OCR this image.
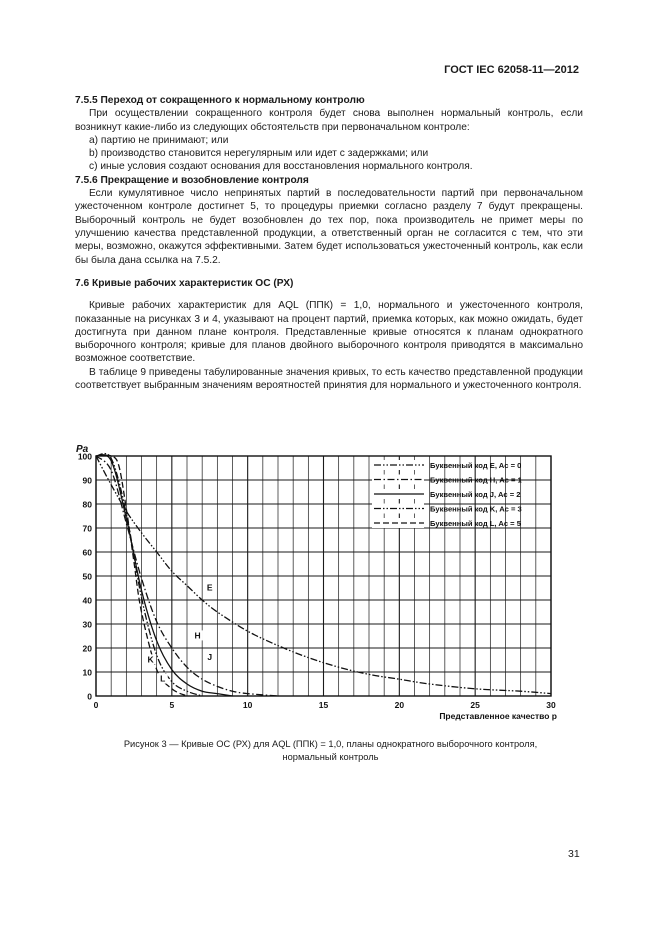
ГОСТ IEC 62058-11—2012

7.5.5 Переход от сокращенного к нормальному контролю

При осуществлении сокращенного контроля будет снова выполнен нормальный контроль, если возникнут какие-либо из следующих обстоятельств при первоначальном контроле:

а) партию не принимают; или

b) производство становится нерегулярным или идет с задержками; или

c) иные условия создают основания для восстановления нормального контроля.

7.5.6 Прекращение и возобновление контроля

Если кумулятивное число непринятых партий в последовательности партий при первоначальном ужесточенном контроле достигнет 5, то процедуры приемки согласно разделу 7 будут прекращены. Выборочный контроль не будет возобновлен до тех пор, пока производитель не примет меры по улучшению качества представленной продукции, а ответственный орган не согласится с тем, что эти меры, возможно, окажутся эффективными. Затем будет использоваться ужесточенный контроль, как если бы была дана ссылка на 7.5.2.

7.6 Кривые рабочих характеристик ОС (РХ)

Кривые рабочих характеристик для AQL (ППК) = 1,0, нормального и ужесточенного контроля, показанные на рисунках 3 и 4, указывают на процент партий, приемка которых, как можно ожидать, будет достигнута при данном плане контроля. Представленные кривые относятся к планам однократного выборочного контроля; кривые для планов двойного выборочного контроля приводятся в максимально возможное соответствие.

В таблице 9 приведены табулированные значения кривых, то есть качество представленной продукции соответствует выбранным значениям вероятностей принятия для нормального и ужесточенного контроля.

E
H
J
K
L
Буквенный код E, Ac = 0
Буквенный код H, Ac = 1
Буквенный код J, Ac = 2
Буквенный код K, Ac = 3
Буквенный код L, Ac = 5
0
10
20
30
40
50
60
70
80
90
100
0	5	10	15	20	25	30
Pa
Представленное качество p
Рисунок 3 — Кривые ОС (РХ) для AQL (ППК) = 1,0, планы однократного выборочного контроля,
нормальный контроль
31
